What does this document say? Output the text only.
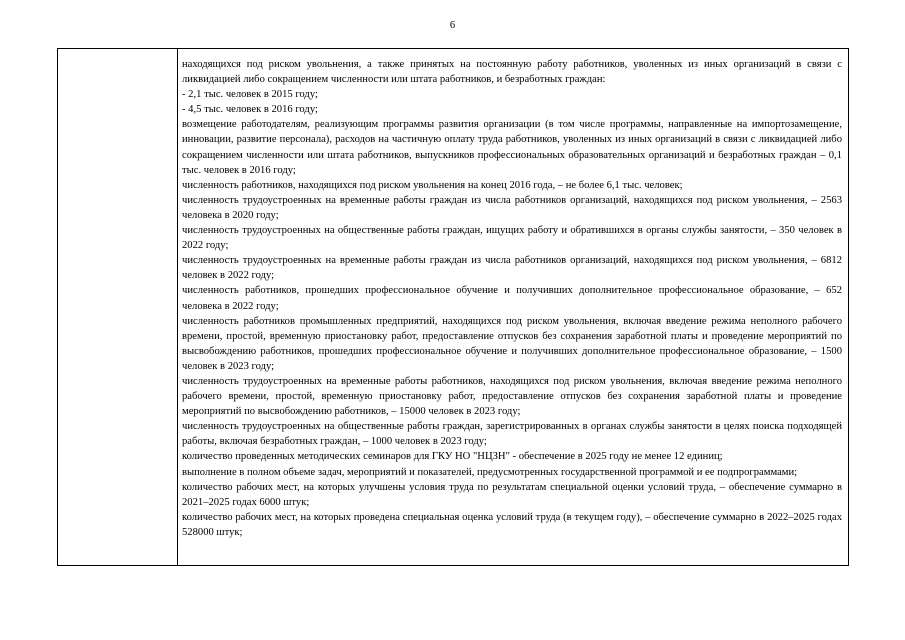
6

находящихся под риском увольнения, а также принятых на постоянную работу работников, уволенных из иных организаций в связи с ликвидацией либо сокращением численности или штата работников, и безработных граждан:

- 2,1 тыс. человек в 2015 году;

- 4,5 тыс. человек в 2016 году;

возмещение работодателям, реализующим программы развития организации (в том числе программы, направленные на импортозамещение, инновации, развитие персонала), расходов на частичную оплату труда работников, уволенных из иных организаций в связи с ликвидацией либо сокращением численности или штата работников, выпускников профессиональных образовательных организаций и безработных граждан – 0,1 тыс. человек в 2016 году;

численность работников, находящихся под риском увольнения на конец 2016 года, – не более 6,1 тыс. человек;

численность трудоустроенных на временные работы граждан из числа работников организаций, находящихся под риском увольнения, – 2563 человека в 2020 году;

численность трудоустроенных на общественные работы граждан, ищущих работу и обратившихся в органы службы занятости, – 350 человек в 2022 году;

численность трудоустроенных на временные работы граждан из числа работников организаций, находящихся под риском увольнения, – 6812 человек в 2022 году;

численность работников, прошедших профессиональное обучение и получивших дополнительное профессиональное образование, – 652 человека в 2022 году;

численность работников промышленных предприятий, находящихся под риском увольнения, включая введение режима неполного рабочего времени, простой, временную приостановку работ, предоставление отпусков без сохранения заработной платы и проведение мероприятий по высвобождению работников, прошедших профессиональное обучение и получивших дополнительное профессиональное образование, – 1500 человек в 2023 году;

численность трудоустроенных на временные работы работников, находящихся под риском увольнения, включая введение режима неполного рабочего времени, простой, временную приостановку работ, предоставление отпусков без сохранения заработной платы и проведение мероприятий по высвобождению работников, – 15000 человек в 2023 году;

численность трудоустроенных на общественные работы граждан, зарегистрированных в органах службы занятости в целях поиска подходящей работы, включая безработных граждан, – 1000 человек в 2023 году;

количество проведенных методических семинаров для ГКУ НО "НЦЗН" - обеспечение в 2025 году не менее 12 единиц;

выполнение в полном объеме задач, мероприятий и показателей, предусмотренных государственной программой и ее подпрограммами;

количество рабочих мест, на которых улучшены условия труда по результатам специальной оценки условий труда, – обеспечение суммарно в 2021–2025 годах 6000 штук;

количество рабочих мест, на которых проведена специальная оценка условий труда (в текущем году), – обеспечение суммарно в 2022–2025 годах 528000 штук;
